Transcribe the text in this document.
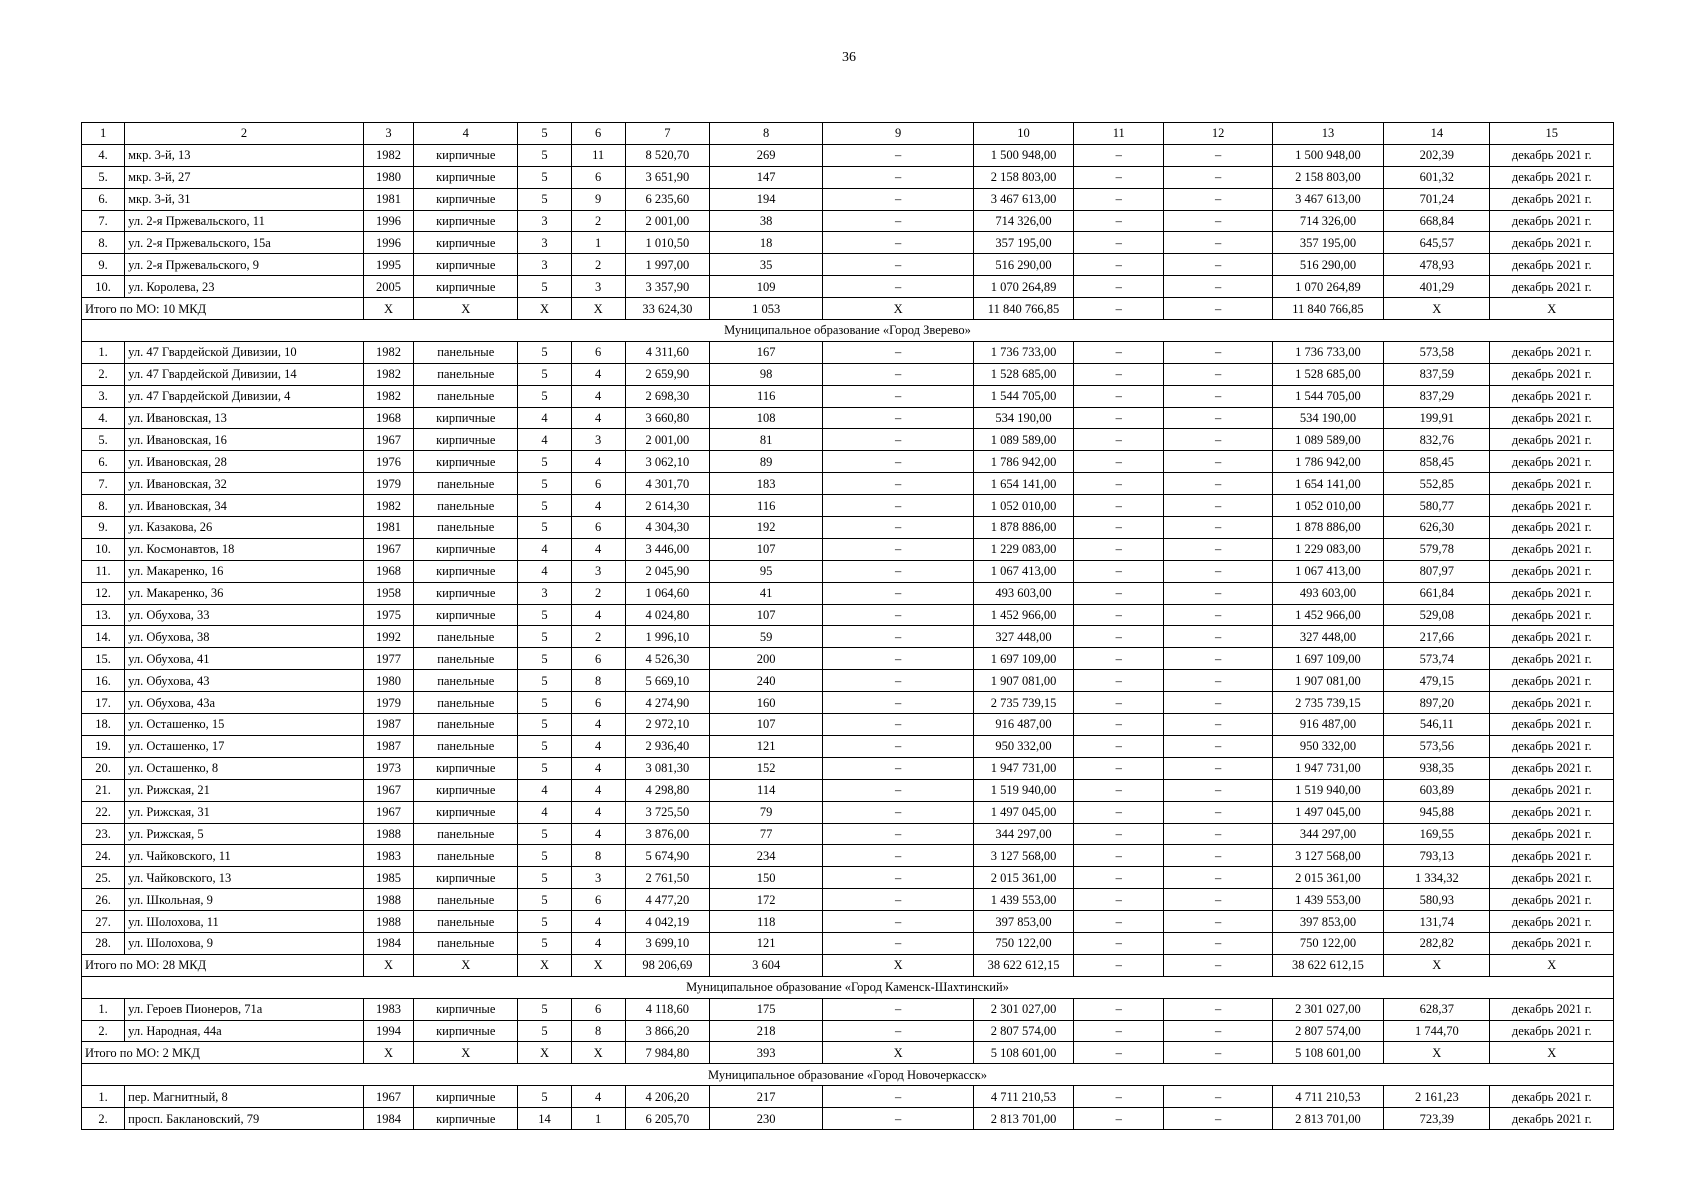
36
1	2	3	4	5	6	7	8	9	10	11	12	13	14	15
4.	мкр. 3-й, 13	1982	кирпичные	5	11	8 520,70	269	–	1 500 948,00	–	–	1 500 948,00	202,39	декабрь 2021 г.
5.	мкр. 3-й, 27	1980	кирпичные	5	6	3 651,90	147	–	2 158 803,00	–	–	2 158 803,00	601,32	декабрь 2021 г.
6.	мкр. 3-й, 31	1981	кирпичные	5	9	6 235,60	194	–	3 467 613,00	–	–	3 467 613,00	701,24	декабрь 2021 г.
7.	ул. 2-я Пржевальского, 11	1996	кирпичные	3	2	2 001,00	38	–	714 326,00	–	–	714 326,00	668,84	декабрь 2021 г.
8.	ул. 2-я Пржевальского, 15а	1996	кирпичные	3	1	1 010,50	18	–	357 195,00	–	–	357 195,00	645,57	декабрь 2021 г.
9.	ул. 2-я Пржевальского, 9	1995	кирпичные	3	2	1 997,00	35	–	516 290,00	–	–	516 290,00	478,93	декабрь 2021 г.
10.	ул. Королева, 23	2005	кирпичные	5	3	3 357,90	109	–	1 070 264,89	–	–	1 070 264,89	401,29	декабрь 2021 г.
Итого по МО: 10 МКД		X	X	X	X	33 624,30	1 053	X	11 840 766,85	–	–	11 840 766,85	X	X
Муниципальное образование «Город Зверево»														
1.	ул. 47 Гвардейской Дивизии, 10	1982	панельные	5	6	4 311,60	167	–	1 736 733,00	–	–	1 736 733,00	573,58	декабрь 2021 г.
2.	ул. 47 Гвардейской Дивизии, 14	1982	панельные	5	4	2 659,90	98	–	1 528 685,00	–	–	1 528 685,00	837,59	декабрь 2021 г.
3.	ул. 47 Гвардейской Дивизии, 4	1982	панельные	5	4	2 698,30	116	–	1 544 705,00	–	–	1 544 705,00	837,29	декабрь 2021 г.
4.	ул. Ивановская, 13	1968	кирпичные	4	4	3 660,80	108	–	534 190,00	–	–	534 190,00	199,91	декабрь 2021 г.
5.	ул. Ивановская, 16	1967	кирпичные	4	3	2 001,00	81	–	1 089 589,00	–	–	1 089 589,00	832,76	декабрь 2021 г.
6.	ул. Ивановская, 28	1976	кирпичные	5	4	3 062,10	89	–	1 786 942,00	–	–	1 786 942,00	858,45	декабрь 2021 г.
7.	ул. Ивановская, 32	1979	панельные	5	6	4 301,70	183	–	1 654 141,00	–	–	1 654 141,00	552,85	декабрь 2021 г.
8.	ул. Ивановская, 34	1982	панельные	5	4	2 614,30	116	–	1 052 010,00	–	–	1 052 010,00	580,77	декабрь 2021 г.
9.	ул. Казакова, 26	1981	панельные	5	6	4 304,30	192	–	1 878 886,00	–	–	1 878 886,00	626,30	декабрь 2021 г.
10.	ул. Космонавтов, 18	1967	кирпичные	4	4	3 446,00	107	–	1 229 083,00	–	–	1 229 083,00	579,78	декабрь 2021 г.
11.	ул. Макаренко, 16	1968	кирпичные	4	3	2 045,90	95	–	1 067 413,00	–	–	1 067 413,00	807,97	декабрь 2021 г.
12.	ул. Макаренко, 36	1958	кирпичные	3	2	1 064,60	41	–	493 603,00	–	–	493 603,00	661,84	декабрь 2021 г.
13.	ул. Обухова, 33	1975	кирпичные	5	4	4 024,80	107	–	1 452 966,00	–	–	1 452 966,00	529,08	декабрь 2021 г.
14.	ул. Обухова, 38	1992	панельные	5	2	1 996,10	59	–	327 448,00	–	–	327 448,00	217,66	декабрь 2021 г.
15.	ул. Обухова, 41	1977	панельные	5	6	4 526,30	200	–	1 697 109,00	–	–	1 697 109,00	573,74	декабрь 2021 г.
16.	ул. Обухова, 43	1980	панельные	5	8	5 669,10	240	–	1 907 081,00	–	–	1 907 081,00	479,15	декабрь 2021 г.
17.	ул. Обухова, 43а	1979	панельные	5	6	4 274,90	160	–	2 735 739,15	–	–	2 735 739,15	897,20	декабрь 2021 г.
18.	ул. Осташенко, 15	1987	панельные	5	4	2 972,10	107	–	916 487,00	–	–	916 487,00	546,11	декабрь 2021 г.
19.	ул. Осташенко, 17	1987	панельные	5	4	2 936,40	121	–	950 332,00	–	–	950 332,00	573,56	декабрь 2021 г.
20.	ул. Осташенко, 8	1973	кирпичные	5	4	3 081,30	152	–	1 947 731,00	–	–	1 947 731,00	938,35	декабрь 2021 г.
21.	ул. Рижская, 21	1967	кирпичные	4	4	4 298,80	114	–	1 519 940,00	–	–	1 519 940,00	603,89	декабрь 2021 г.
22.	ул. Рижская, 31	1967	кирпичные	4	4	3 725,50	79	–	1 497 045,00	–	–	1 497 045,00	945,88	декабрь 2021 г.
23.	ул. Рижская, 5	1988	панельные	5	4	3 876,00	77	–	344 297,00	–	–	344 297,00	169,55	декабрь 2021 г.
24.	ул. Чайковского, 11	1983	панельные	5	8	5 674,90	234	–	3 127 568,00	–	–	3 127 568,00	793,13	декабрь 2021 г.
25.	ул. Чайковского, 13	1985	кирпичные	5	3	2 761,50	150	–	2 015 361,00	–	–	2 015 361,00	1 334,32	декабрь 2021 г.
26.	ул. Школьная, 9	1988	панельные	5	6	4 477,20	172	–	1 439 553,00	–	–	1 439 553,00	580,93	декабрь 2021 г.
27.	ул. Шолохова, 11	1988	панельные	5	4	4 042,19	118	–	397 853,00	–	–	397 853,00	131,74	декабрь 2021 г.
28.	ул. Шолохова, 9	1984	панельные	5	4	3 699,10	121	–	750 122,00	–	–	750 122,00	282,82	декабрь 2021 г.
Итого по МО: 28 МКД		X	X	X	X	98 206,69	3 604	X	38 622 612,15	–	–	38 622 612,15	X	X
Муниципальное образование «Город Каменск-Шахтинский»														
1.	ул. Героев Пионеров, 71а	1983	кирпичные	5	6	4 118,60	175	–	2 301 027,00	–	–	2 301 027,00	628,37	декабрь 2021 г.
2.	ул. Народная, 44а	1994	кирпичные	5	8	3 866,20	218	–	2 807 574,00	–	–	2 807 574,00	1 744,70	декабрь 2021 г.
Итого по МО: 2 МКД		X	X	X	X	7 984,80	393	X	5 108 601,00	–	–	5 108 601,00	X	X
Муниципальное образование «Город Новочеркасск»														
1.	пер. Магнитный, 8	1967	кирпичные	5	4	4 206,20	217	–	4 711 210,53	–	–	4 711 210,53	2 161,23	декабрь 2021 г.
2.	просп. Баклановский, 79	1984	кирпичные	14	1	6 205,70	230	–	2 813 701,00	–	–	2 813 701,00	723,39	декабрь 2021 г.
